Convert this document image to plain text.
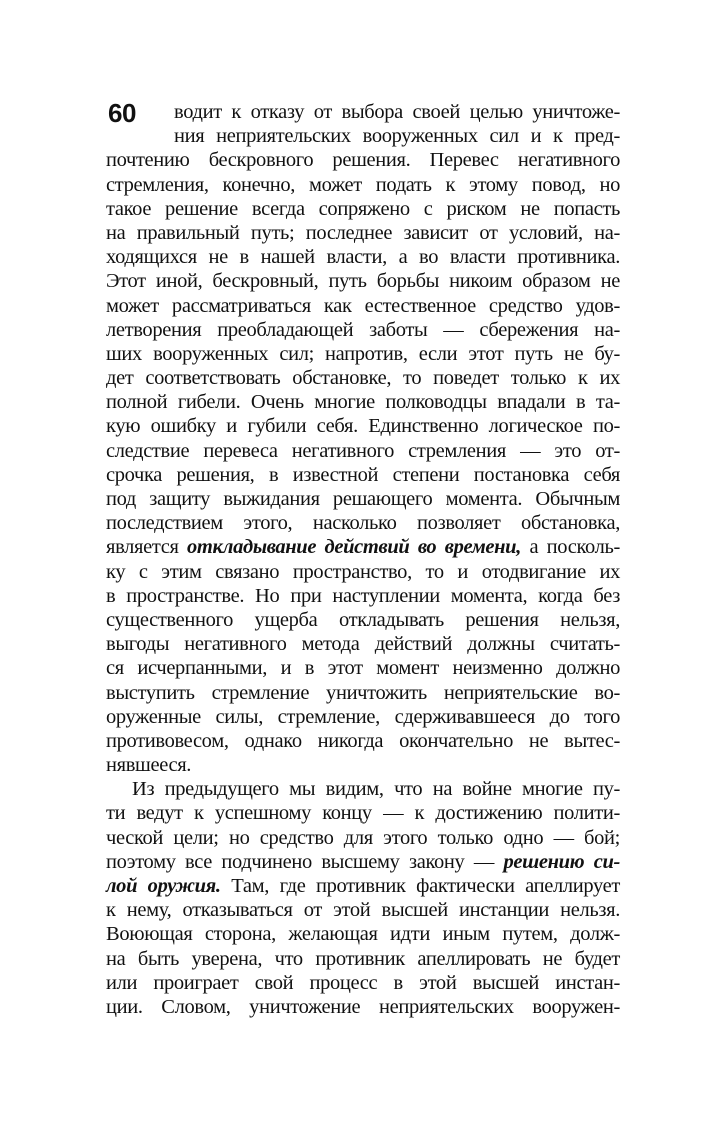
60 водит к отказу от выбора своей целью уничтоже-
ния неприятельских вооруженных сил и к пред-
почтению бескровного решения. Перевес негативного
стремления, конечно, может подать к этому повод, но
такое решение всегда сопряжено с риском не попасть
на правильный путь; последнее зависит от условий, на-
ходящихся не в нашей власти, а во власти противника.
Этот иной, бескровный, путь борьбы никоим образом не
может рассматриваться как естественное средство удов-
летворения преобладающей заботы — сбережения на-
ших вооруженных сил; напротив, если этот путь не бу-
дет соответствовать обстановке, то поведет только к их
полной гибели. Очень многие полководцы впадали в та-
кую ошибку и губили себя. Единственно логическое по-
следствие перевеса негативного стремления — это от-
срочка решения, в известной степени постановка себя
под защиту выжидания решающего момента. Обычным
последствием этого, насколько позволяет обстановка,
является откладывание действий во времени, а посколь-
ку с этим связано пространство, то и отодвигание их
в пространстве. Но при наступлении момента, когда без
существенного ущерба откладывать решения нельзя,
выгоды негативного метода действий должны считать-
ся исчерпанными, и в этот момент неизменно должно
выступить стремление уничтожить неприятельские во-
оруженные силы, стремление, сдерживавшееся до того
противовесом, однако никогда окончательно не вытес-
нявшееся.
Из предыдущего мы видим, что на войне многие пу-
ти ведут к успешному концу — к достижению полити-
ческой цели; но средство для этого только одно — бой;
поэтому все подчинено высшему закону — решению си-
лой оружия. Там, где противник фактически апеллирует
к нему, отказываться от этой высшей инстанции нельзя.
Воюющая сторона, желающая идти иным путем, долж-
на быть уверена, что противник апеллировать не будет
или проиграет свой процесс в этой высшей инстан-
ции. Словом, уничтожение неприятельских вооружен-
